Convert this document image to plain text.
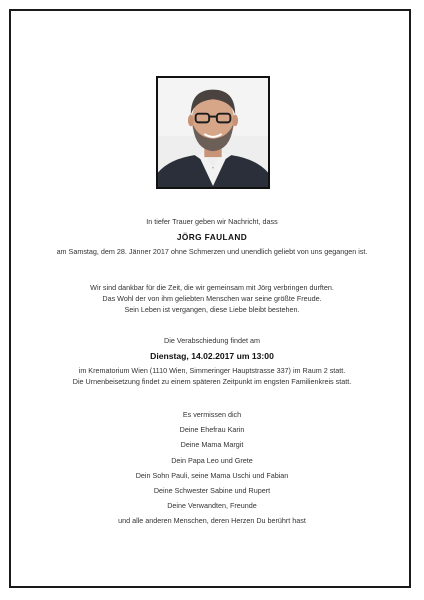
In tiefer Trauer geben wir Nachricht, dass
JÖRG FAULAND
am Samstag, dem 28. Jänner 2017 ohne Schmerzen und unendlich geliebt von uns gegangen ist.
Wir sind dankbar für die Zeit, die wir gemeinsam mit Jörg verbringen durften.
Das Wohl der von ihm geliebten Menschen war seine größte Freude.
Sein Leben ist vergangen, diese Liebe bleibt bestehen.
Die Verabschiedung findet am
Dienstag, 14.02.2017 um 13:00
im Krematorium Wien (1110 Wien, Simmeringer Hauptstrasse 337) im Raum 2 statt.
Die Urnenbeisetzung findet zu einem späteren Zeitpunkt im engsten Familienkreis statt.
Es vermissen dich
Deine Ehefrau Karin
Deine Mama Margit
Dein Papa Leo und Grete
Dein Sohn Pauli, seine Mama Uschi und Fabian
Deine Schwester Sabine und Rupert
Deine Verwandten, Freunde
und alle anderen Menschen, deren Herzen Du berührt hast
